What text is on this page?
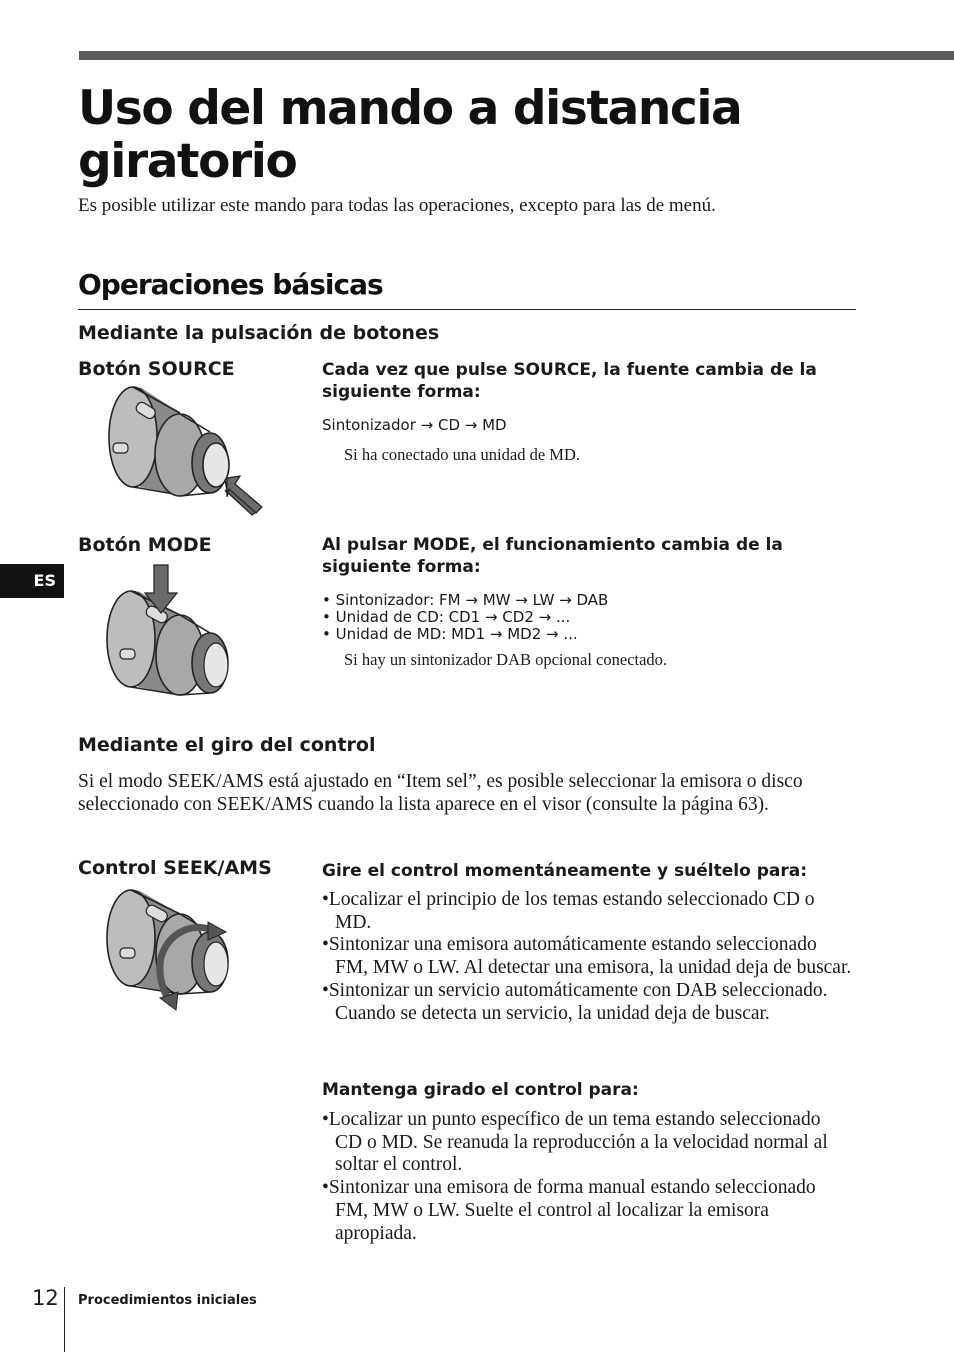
Uso del mando a distancia
giratorio
Es posible utilizar este mando para todas las operaciones, excepto para las de menú.
Operaciones básicas
Mediante la pulsación de botones
Botón SOURCE	Cada vez que pulse SOURCE, la fuente cambia de la siguiente forma:
Sintonizador → CD → MD
Si ha conectado una unidad de MD.
ES
Botón MODE	Al pulsar MODE, el funcionamiento cambia de la siguiente forma:
• Sintonizador: FM → MW → LW → DAB
• Unidad de CD: CD1 → CD2 → ...
• Unidad de MD: MD1 → MD2 → ...
Si hay un sintonizador DAB opcional conectado.
Mediante el giro del control
Si el modo SEEK/AMS está ajustado en “Item sel”, es posible seleccionar la emisora o disco seleccionado con SEEK/AMS cuando la lista aparece en el visor (consulte la página 63).
Control SEEK/AMS	Gire el control momentáneamente y suéltelo para:
•Localizar el principio de los temas estando seleccionado CD o MD.
•Sintonizar una emisora automáticamente estando seleccionado FM, MW o LW. Al detectar una emisora, la unidad deja de buscar.
•Sintonizar un servicio automáticamente con DAB seleccionado. Cuando se detecta un servicio, la unidad deja de buscar.
Mantenga girado el control para:
•Localizar un punto específico de un tema estando seleccionado CD o MD. Se reanuda la reproducción a la velocidad normal al soltar el control.
•Sintonizar una emisora de forma manual estando seleccionado FM, MW o LW. Suelte el control al localizar la emisora apropiada.
12 Procedimientos iniciales
